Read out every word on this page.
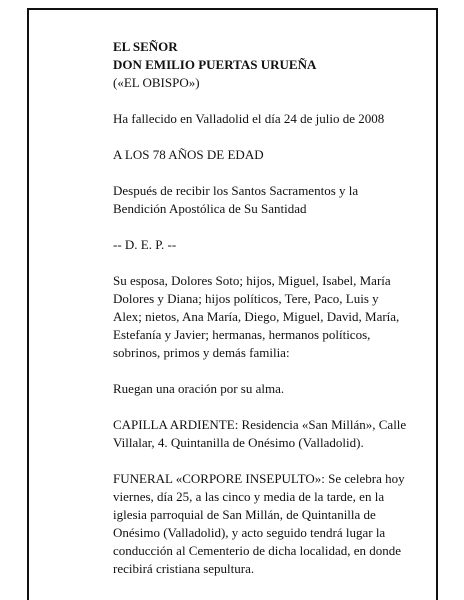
EL SEÑOR

DON EMILIO PUERTAS URUEÑA

(«EL OBISPO»)

Ha fallecido en Valladolid el día 24 de julio de 2008

A LOS 78 AÑOS DE EDAD

Después de recibir los Santos Sacramentos y la

Bendición Apostólica de Su Santidad

-- D. E. P. --

Su esposa, Dolores Soto; hijos, Miguel, Isabel, María

Dolores y Diana; hijos políticos, Tere, Paco, Luis y

Alex; nietos, Ana María, Diego, Miguel, David, María,

Estefanía y Javier; hermanas, hermanos políticos,

sobrinos, primos y demás familia:

Ruegan una oración por su alma.

CAPILLA ARDIENTE: Residencia «San Millán», Calle

Villalar, 4. Quintanilla de Onésimo (Valladolid).

FUNERAL «CORPORE INSEPULTO»: Se celebra hoy

viernes, día 25, a las cinco y media de la tarde, en la

iglesia parroquial de San Millán, de Quintanilla de

Onésimo (Valladolid), y acto seguido tendrá lugar la

conducción al Cementerio de dicha localidad, en donde

recibirá cristiana sepultura.
